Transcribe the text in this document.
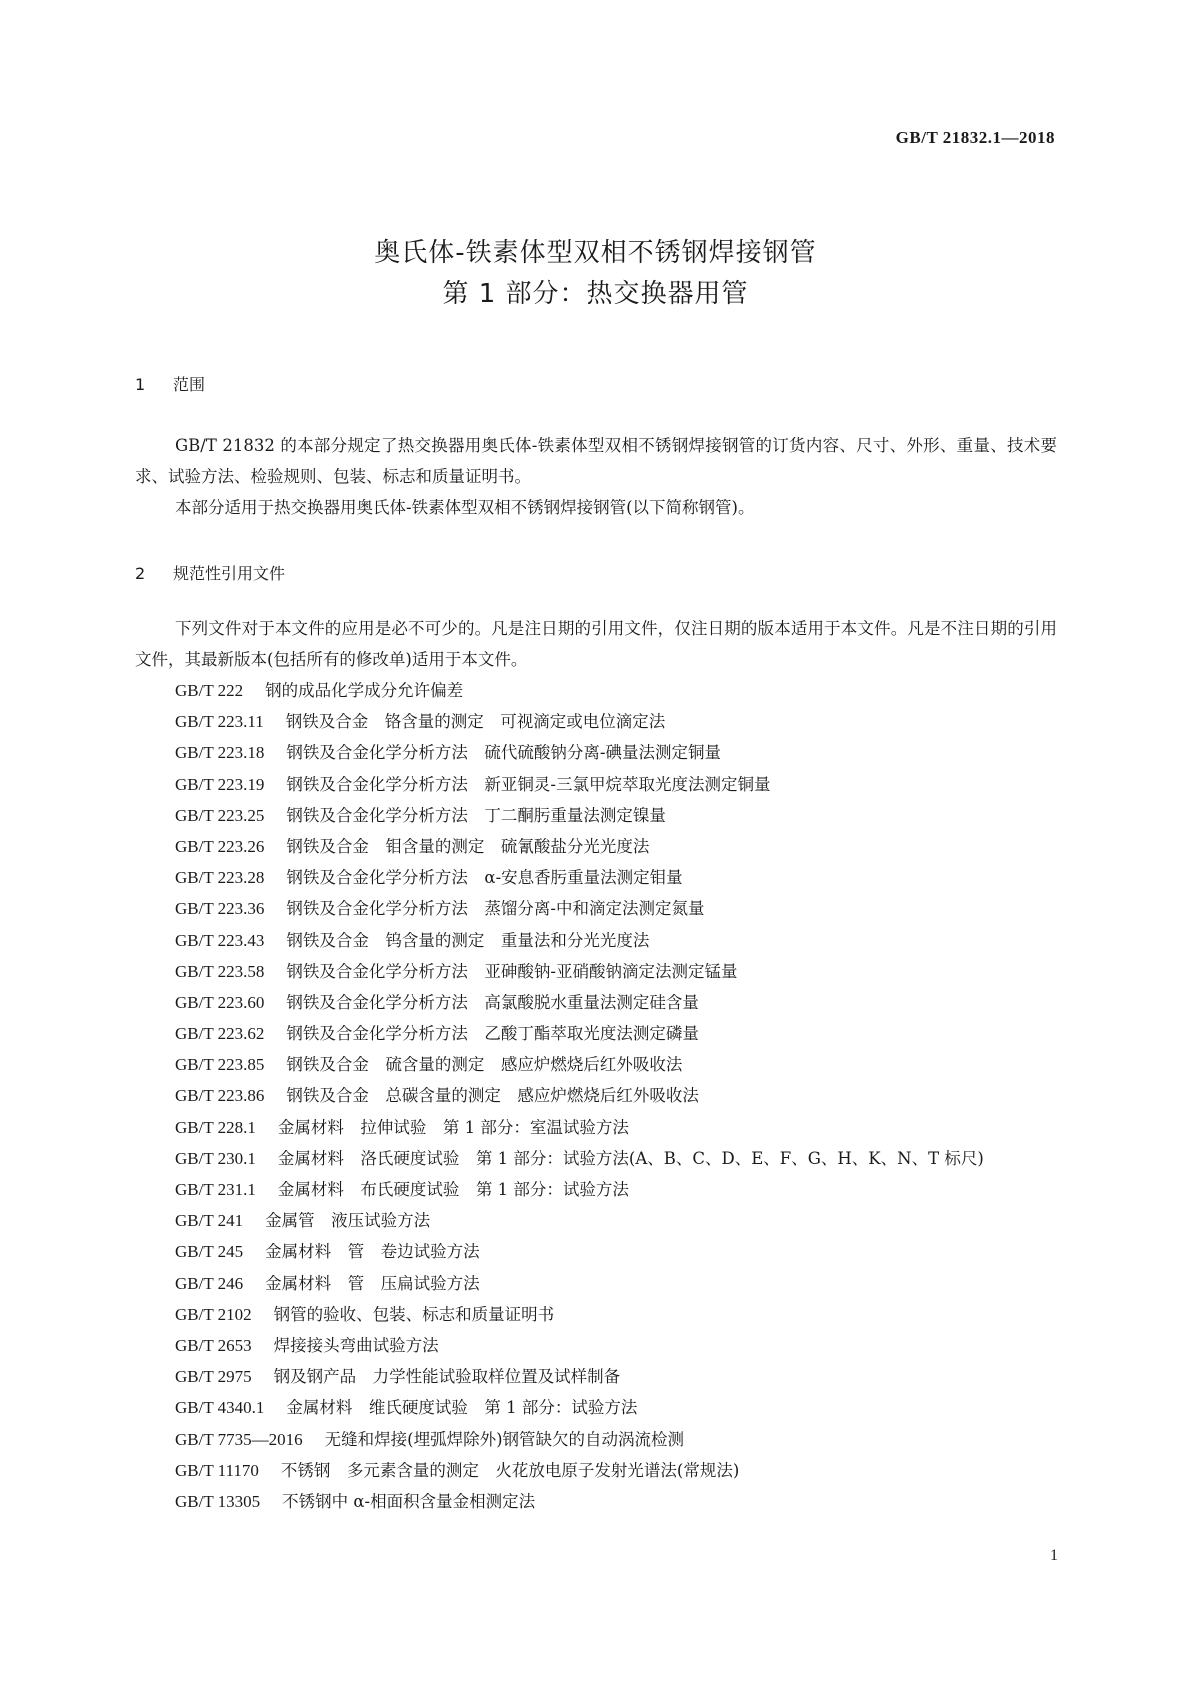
GB/T 21832.1—2018
奥氏体-铁素体型双相不锈钢焊接钢管
第 1 部分：热交换器用管
1 范围

GB/T 21832 的本部分规定了热交换器用奥氏体-铁素体型双相不锈钢焊接钢管的订货内容、尺寸、外形、重量、技术要求、试验方法、检验规则、包装、标志和质量证明书。

本部分适用于热交换器用奥氏体-铁素体型双相不锈钢焊接钢管(以下简称钢管)。

2 规范性引用文件

下列文件对于本文件的应用是必不可少的。凡是注日期的引用文件，仅注日期的版本适用于本文件。凡是不注日期的引用文件，其最新版本(包括所有的修改单)适用于本文件。

GB/T 222 钢的成品化学成分允许偏差
GB/T 223.11 钢铁及合金　铬含量的测定　可视滴定或电位滴定法
GB/T 223.18 钢铁及合金化学分析方法　硫代硫酸钠分离-碘量法测定铜量
GB/T 223.19 钢铁及合金化学分析方法　新亚铜灵-三氯甲烷萃取光度法测定铜量
GB/T 223.25 钢铁及合金化学分析方法　丁二酮肟重量法测定镍量
GB/T 223.26 钢铁及合金　钼含量的测定　硫氰酸盐分光光度法
GB/T 223.28 钢铁及合金化学分析方法　α-安息香肟重量法测定钼量
GB/T 223.36 钢铁及合金化学分析方法　蒸馏分离-中和滴定法测定氮量
GB/T 223.43 钢铁及合金　钨含量的测定　重量法和分光光度法
GB/T 223.58 钢铁及合金化学分析方法　亚砷酸钠-亚硝酸钠滴定法测定锰量
GB/T 223.60 钢铁及合金化学分析方法　高氯酸脱水重量法测定硅含量
GB/T 223.62 钢铁及合金化学分析方法　乙酸丁酯萃取光度法测定磷量
GB/T 223.85 钢铁及合金　硫含量的测定　感应炉燃烧后红外吸收法
GB/T 223.86 钢铁及合金　总碳含量的测定　感应炉燃烧后红外吸收法
GB/T 228.1 金属材料　拉伸试验　第 1 部分：室温试验方法
GB/T 230.1 金属材料　洛氏硬度试验　第 1 部分：试验方法(A、B、C、D、E、F、G、H、K、N、T 标尺)
GB/T 231.1 金属材料　布氏硬度试验　第 1 部分：试验方法
GB/T 241 金属管　液压试验方法
GB/T 245 金属材料　管　卷边试验方法
GB/T 246 金属材料　管　压扁试验方法
GB/T 2102 钢管的验收、包装、标志和质量证明书
GB/T 2653 焊接接头弯曲试验方法
GB/T 2975 钢及钢产品　力学性能试验取样位置及试样制备
GB/T 4340.1 金属材料　维氏硬度试验　第 1 部分：试验方法
GB/T 7735—2016 无缝和焊接(埋弧焊除外)钢管缺欠的自动涡流检测
GB/T 11170 不锈钢　多元素含量的测定　火花放电原子发射光谱法(常规法)
GB/T 13305 不锈钢中 α-相面积含量金相测定法
1
